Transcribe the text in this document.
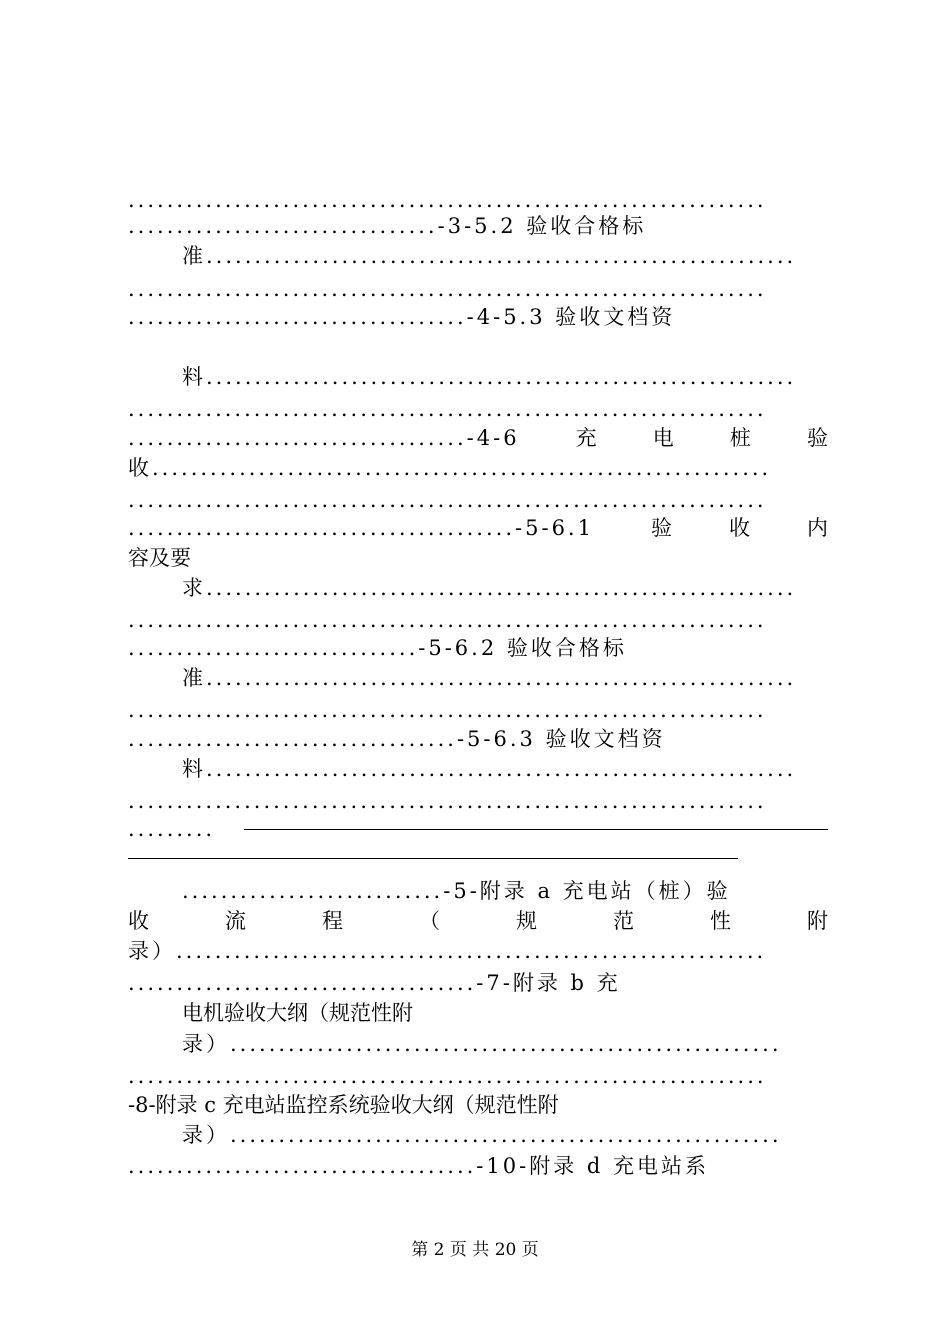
..................................................................
................................-3-5.2 验收合格标
准.............................................................
..................................................................
...................................-4-5.3 验收文档资
料.............................................................
..................................................................
...................................-4-6	充	电	桩	验
收................................................................
..................................................................
........................................-5-6.1	验	收	内
容及要
求.............................................................
..................................................................
..............................-5-6.2 验收合格标
准.............................................................
..................................................................
..................................-5-6.3 验收文档资
料.............................................................
..................................................................
.........
...........................-5-附录 a 充电站（桩）验
收	流	程	（	规	范	性	附
录）.............................................................
....................................-7-附录 b 充
电机验收大纲（规范性附
录）.........................................................
..................................................................
-8-附录 c 充电站监控系统验收大纲（规范性附
录）.........................................................
....................................-10-附录 d 充电站系
第 2 页 共 20 页
